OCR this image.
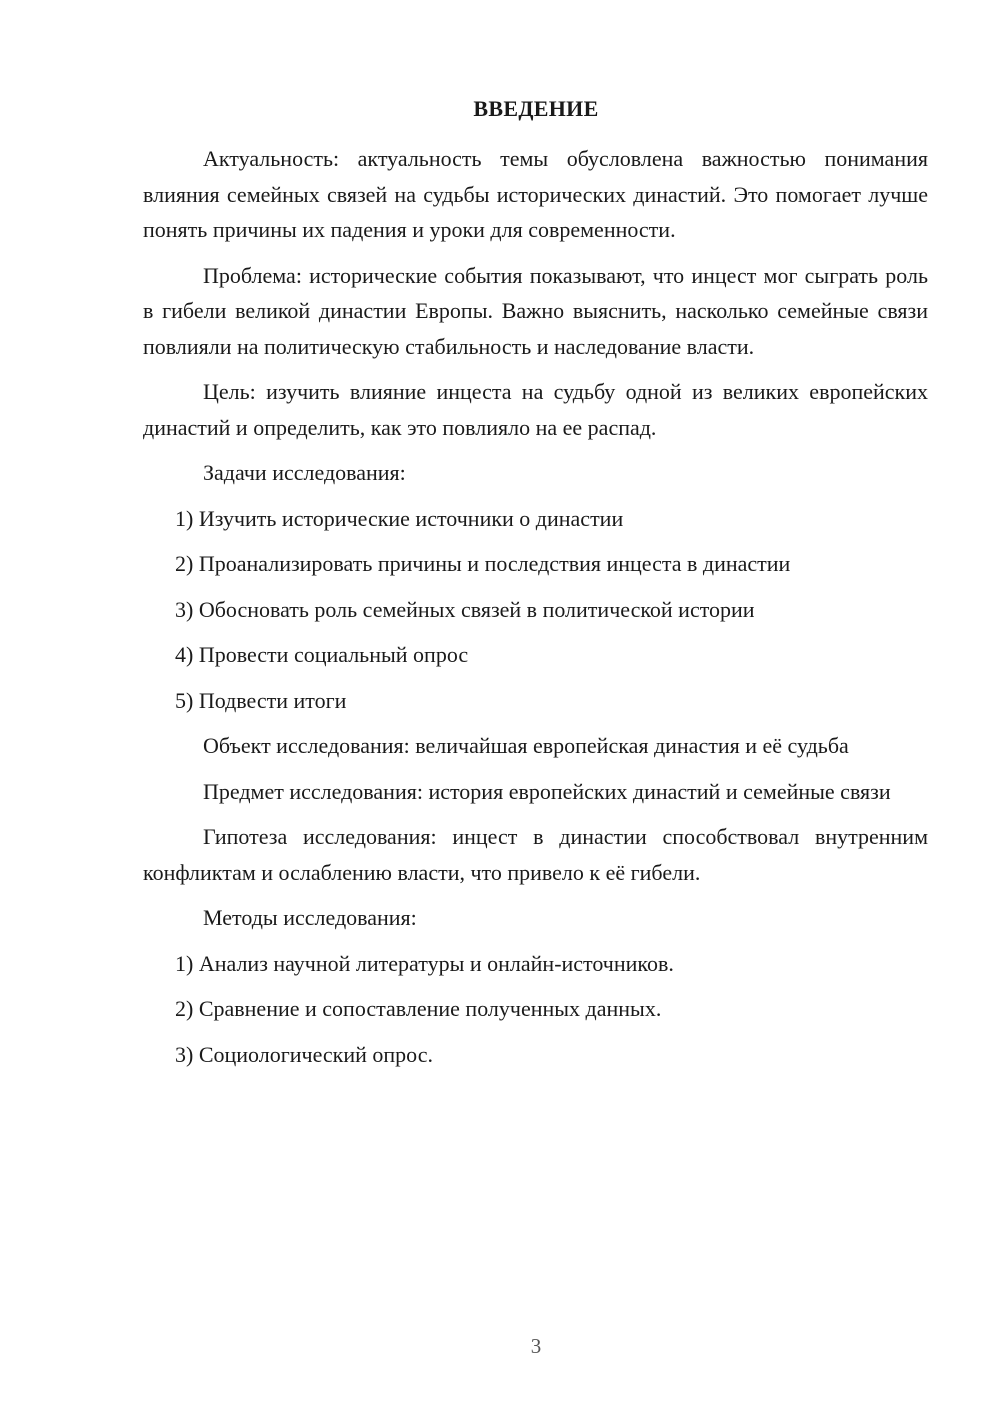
ВВЕДЕНИЕ

Актуальность: актуальность темы обусловлена важностью понимания влияния семейных связей на судьбы исторических династий. Это помогает лучше понять причины их падения и уроки для современности.

Проблема: исторические события показывают, что инцест мог сыграть роль в гибели великой династии Европы. Важно выяснить, насколько семейные связи повлияли на политическую стабильность и наследование власти.

Цель: изучить влияние инцеста на судьбу одной из великих европейских династий и определить, как это повлияло на ее распад.

Задачи исследования:

1) Изучить исторические источники о династии

2) Проанализировать причины и последствия инцеста в династии

3) Обосновать роль семейных связей в политической истории

4) Провести социальный опрос

5) Подвести итоги

Объект исследования: величайшая европейская династия и её судьба

Предмет исследования: история европейских династий и семейные связи

Гипотеза исследования: инцест в династии способствовал внутренним конфликтам и ослаблению власти, что привело к её гибели.

Методы исследования:

1) Анализ научной литературы и онлайн-источников.

2) Сравнение и сопоставление полученных данных.

3) Социологический опрос.

3
